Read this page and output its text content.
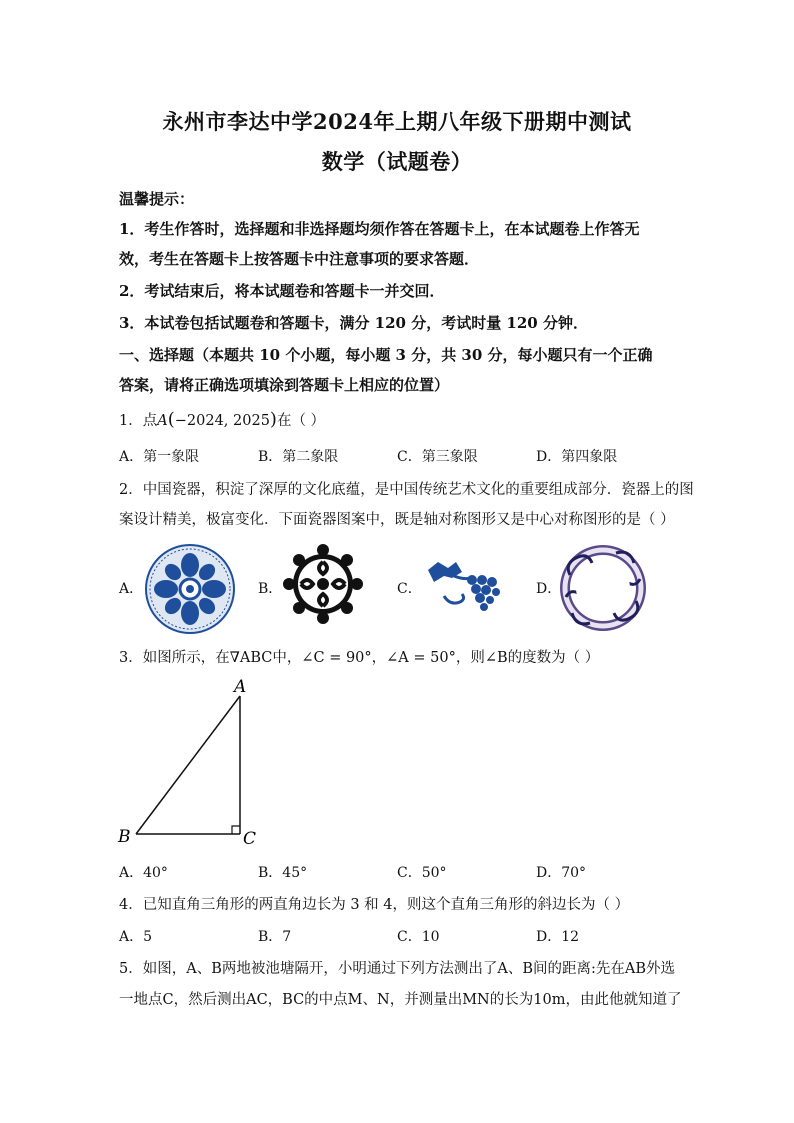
永州市李达中学2024年上期八年级下册期中测试
数学（试题卷）
温馨提示：
1．考生作答时，选择题和非选择题均须作答在答题卡上，在本试题卷上作答无
效，考生在答题卡上按答题卡中注意事项的要求答题．
2．考试结束后，将本试题卷和答题卡一并交回．
3．本试卷包括试题卷和答题卡，满分 120 分，考试时量 120 分钟．
一、选择题（本题共 10 个小题，每小题 3 分，共 30 分，每小题只有一个正确
答案，请将正确选项填涂到答题卡上相应的位置）
1．点A(−2024, 2025)在（ ）
A．第一象限	B．第二象限	C．第三象限	D．第四象限
2．中国瓷器，积淀了深厚的文化底蕴，是中国传统艺术文化的重要组成部分．瓷器上的图
案设计精美，极富变化．下面瓷器图案中，既是轴对称图形又是中心对称图形的是（ ）
A．	B．	C．	D．
3．如图所示，在∇ABC中，∠C = 90°，∠A = 50°，则∠B的度数为（ ）
A
B	C
A．40°	B．45°	C．50°	D．70°
4．已知直角三角形的两直角边长为 3 和 4，则这个直角三角形的斜边长为（ ）
A．5	B．7	C．10	D．12
5．如图，A、B两地被池塘隔开，小明通过下列方法测出了A、B间的距离:先在AB外选
一地点C，然后测出AC，BC的中点M、N，并测量出MN的长为10m，由此他就知道了
